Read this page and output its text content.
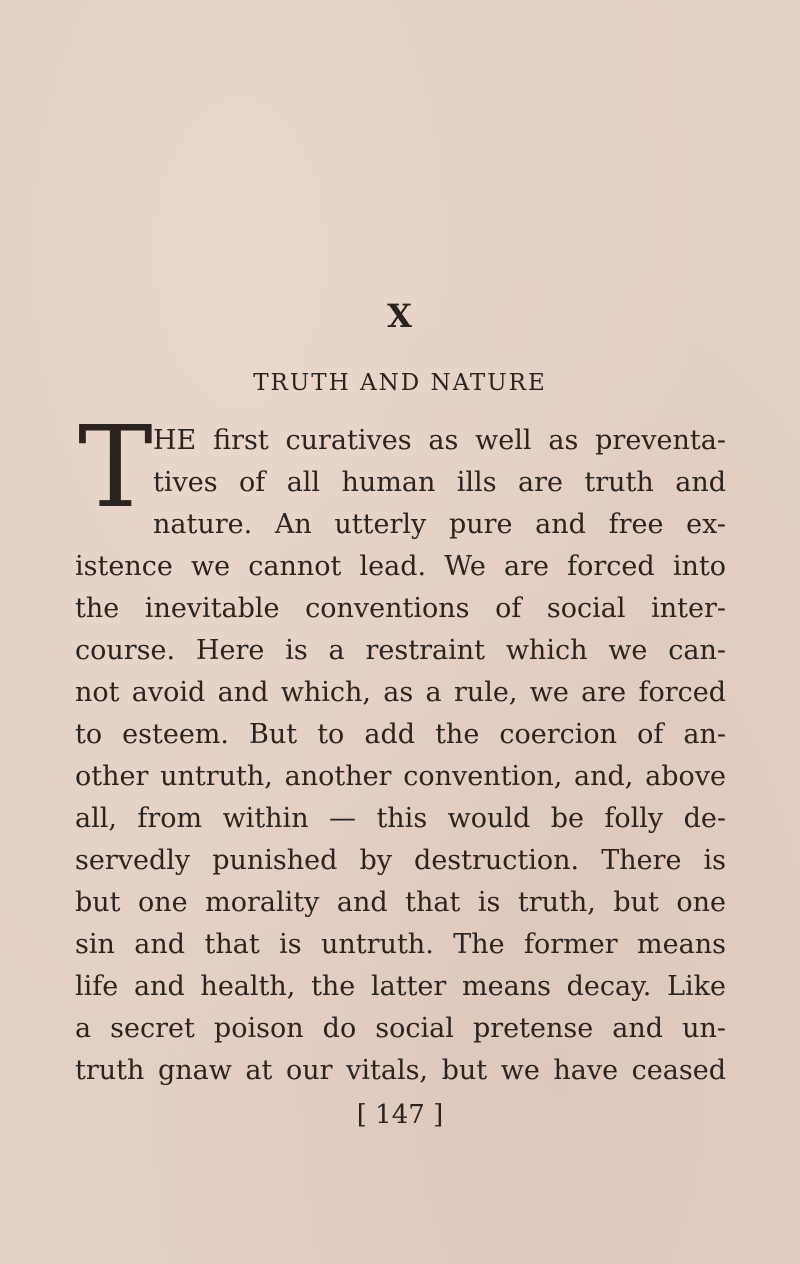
X
TRUTH AND NATURE
T HE first curatives as well as preventa-
tives of all human ills are truth and
nature. An utterly pure and free ex-
istence we cannot lead. We are forced into
the inevitable conventions of social inter-
course. Here is a restraint which we can-
not avoid and which, as a rule, we are forced
to esteem. But to add the coercion of an-
other untruth, another convention, and, above
all, from within — this would be folly de-
servedly punished by destruction. There is
but one morality and that is truth, but one
sin and that is untruth. The former means
life and health, the latter means decay. Like
a secret poison do social pretense and un-
truth gnaw at our vitals, but we have ceased
[ 147 ]
